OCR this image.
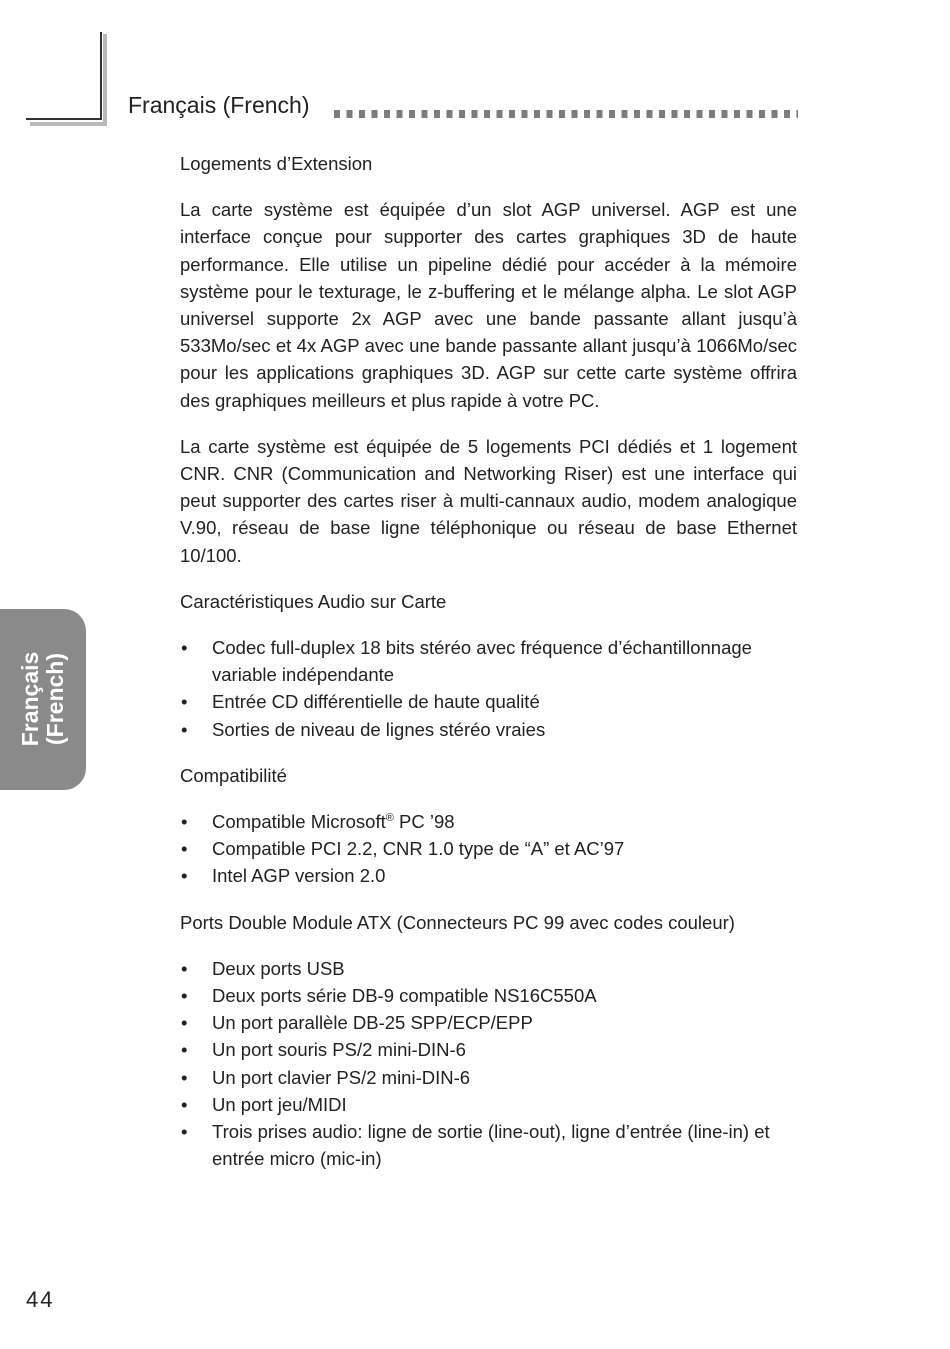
Français (French)
Français (French)
Logements d’Extension

La carte système est équipée d’un slot AGP universel. AGP est une interface conçue pour supporter des cartes graphiques 3D de haute performance. Elle utilise un pipeline dédié pour accéder à la mémoire système pour le texturage, le z-buffering et le mélange alpha. Le slot AGP universel supporte 2x AGP avec une bande passante allant jusqu’à 533Mo/sec et 4x AGP avec une bande passante allant jusqu’à 1066Mo/sec pour les applications graphiques 3D. AGP sur cette carte système offrira des graphiques meilleurs et plus rapide à votre PC.

La carte système est équipée de 5 logements PCI dédiés et 1 logement CNR. CNR (Communication and Networking Riser) est une interface qui peut supporter des cartes riser à multi-cannaux audio, modem analogique V.90, réseau de base ligne téléphonique ou réseau de base Ethernet 10/100.

Caractéristiques Audio sur Carte
• Codec full-duplex 18 bits stéréo avec fréquence d’échantillonnage variable indépendante
• Entrée CD différentielle de haute qualité
• Sorties de niveau de lignes stéréo vraies
Compatibilité
• Compatible Microsoft® PC ’98
• Compatible PCI 2.2, CNR 1.0 type de “A” et AC’97
• Intel AGP version 2.0
Ports Double Module ATX (Connecteurs PC 99 avec codes couleur)
• Deux ports USB
• Deux ports série DB-9 compatible NS16C550A
• Un port parallèle DB-25 SPP/ECP/EPP
• Un port souris PS/2 mini-DIN-6
• Un port clavier PS/2 mini-DIN-6
• Un port jeu/MIDI
• Trois prises audio: ligne de sortie (line-out), ligne d’entrée (line-in) et entrée micro (mic-in)
44
